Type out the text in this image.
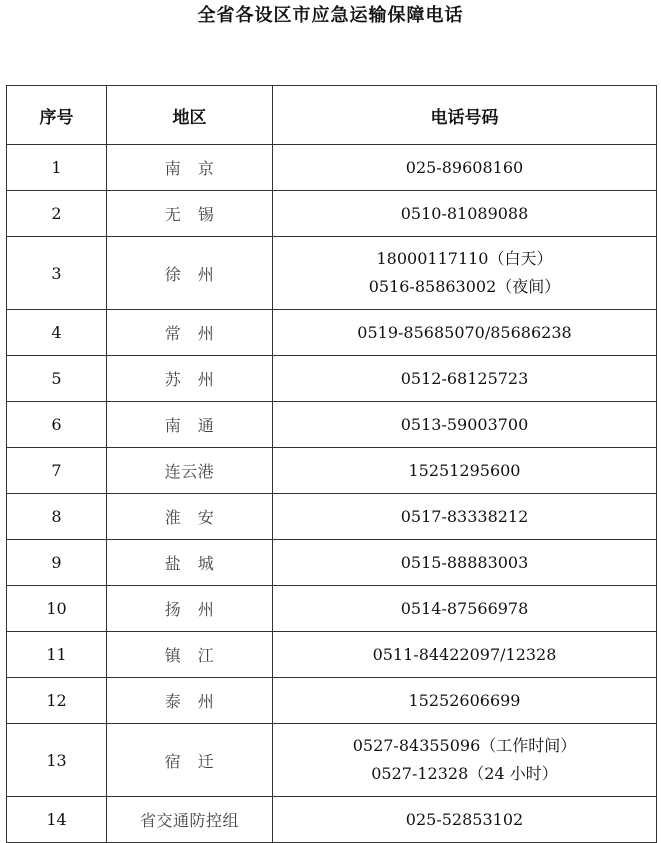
全省各设区市应急运输保障电话
序号	地区	电话号码
1	南　京	025-89608160

2	无　锡	0510-81089088

3	徐　州	18000117110（白天）
0516-85863002（夜间）

4	常　州	0519-85685070/85686238

5	苏　州	0512-68125723

6	南　通	0513-59003700

7	连云港	15251295600

8	淮　安	0517-83338212

9	盐　城	0515-88883003

10	扬　州	0514-87566978

11	镇　江	0511-84422097/12328

12	泰　州	15252606699

13	宿　迁	0527-84355096（工作时间）
0527-12328（24 小时）

14	省交通防控组	025-52853102
